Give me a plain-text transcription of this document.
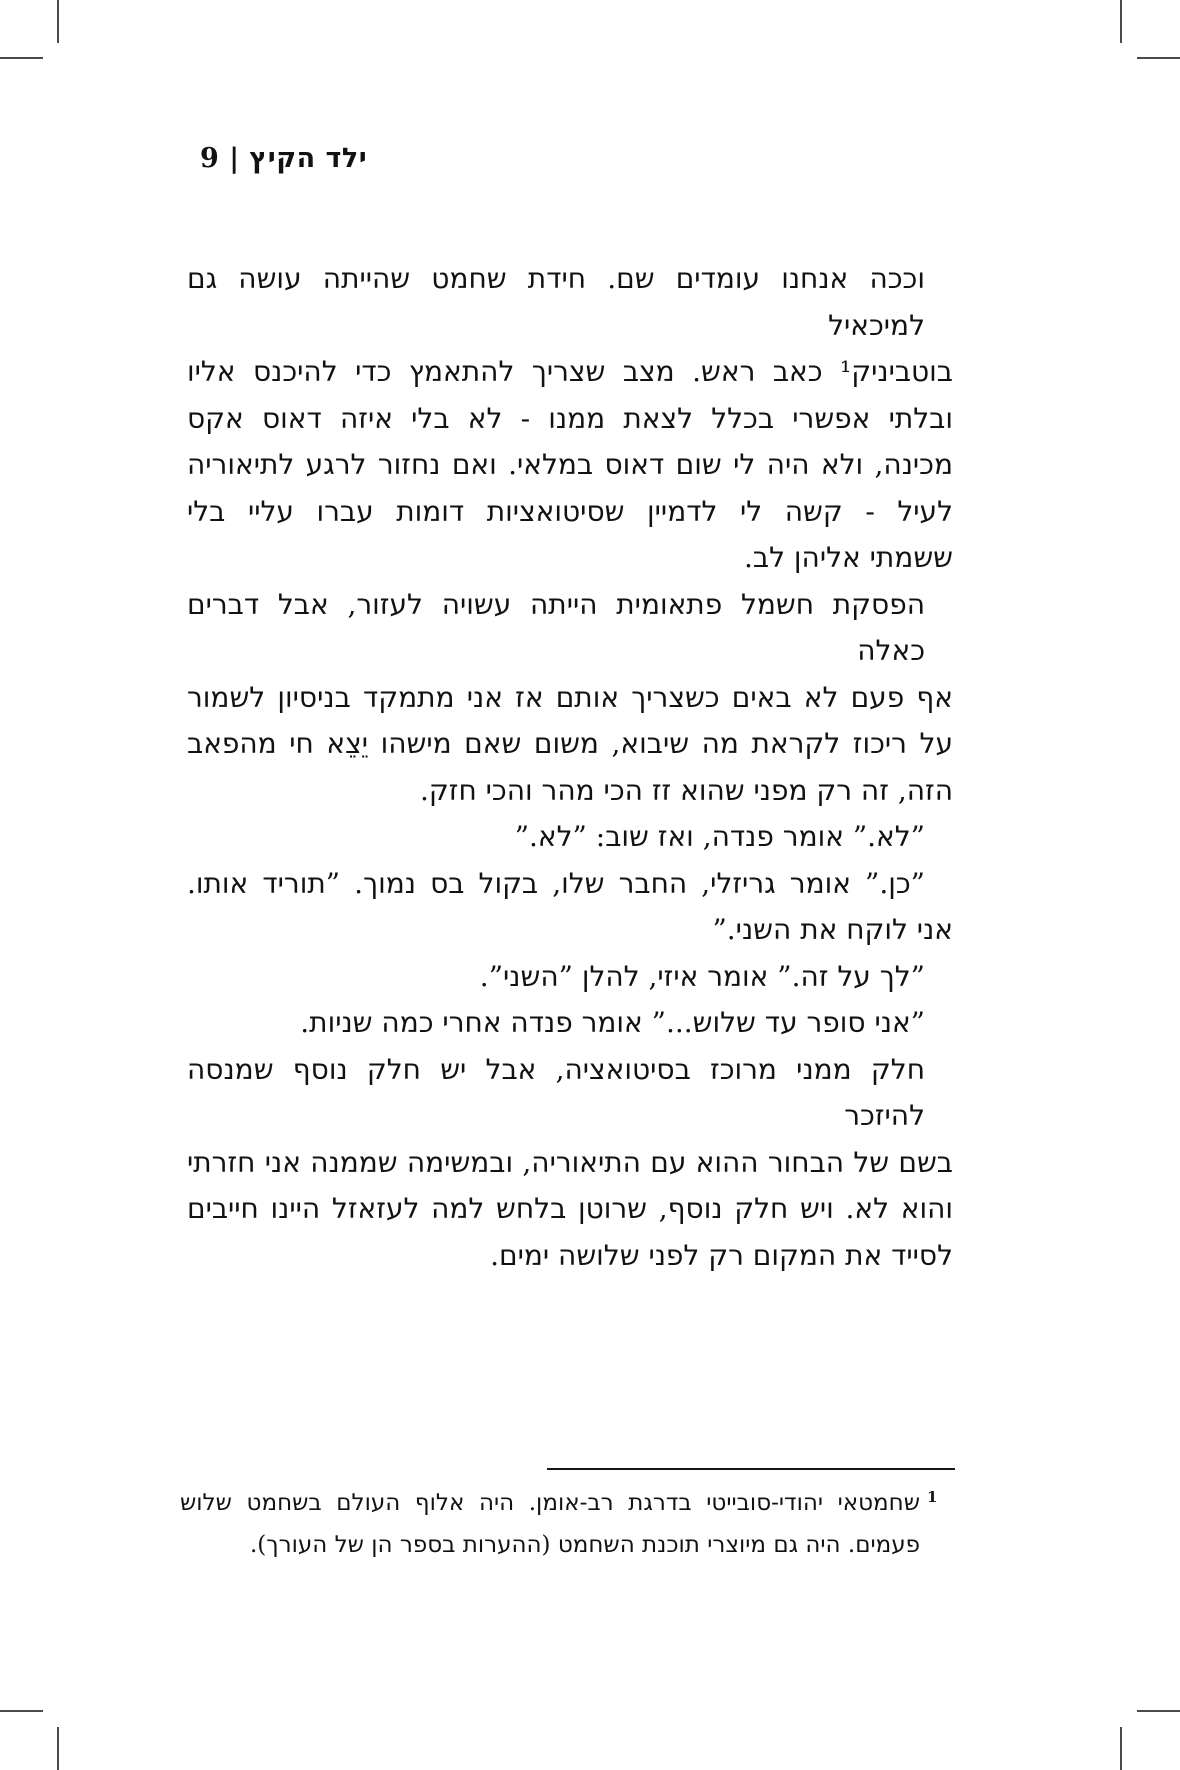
ילד הקיץ | 9
וככה אנחנו עומדים שם. חידת שחמט שהייתה עושה גם למיכאיל
בוטביניק¹ כאב ראש. מצב שצריך להתאמץ כדי להיכנס אליו
ובלתי אפשרי בכלל לצאת ממנו - לא בלי איזה דאוס אקס
מכינה, ולא היה לי שום דאוס במלאי. ואם נחזור לרגע לתיאוריה
לעיל - קשה לי לדמיין שסיטואציות דומות עברו עליי בלי
ששמתי אליהן לב.
הפסקת חשמל פתאומית הייתה עשויה לעזור, אבל דברים כאלה
אף פעם לא באים כשצריך אותם אז אני מתמקד בניסיון לשמור
על ריכוז לקראת מה שיבוא, משום שאם מישהו יֵצֵא חי מהפאב
הזה, זה רק מפני שהוא זז הכי מהר והכי חזק.
”לא.” אומר פנדה, ואז שוב: ”לא.”
”כן.” אומר גריזלי, החבר שלו, בקול בס נמוך. ”תוריד אותו.
אני לוקח את השני.”
”לך על זה.” אומר איזי, להלן ”השני”.
”אני סופר עד שלוש...” אומר פנדה אחרי כמה שניות.
חלק ממני מרוכז בסיטואציה, אבל יש חלק נוסף שמנסה להיזכר
בשם של הבחור ההוא עם התיאוריה, ובמשימה שממנה אני חזרתי
והוא לא. ויש חלק נוסף, שרוטן בלחש למה לעזאזל היינו חייבים
לסייד את המקום רק לפני שלושה ימים.
1
שחמטאי יהודי-סובייטי בדרגת רב-אומן. היה אלוף העולם בשחמט שלוש
פעמים. היה גם מיוצרי תוכנת השחמט (ההערות בספר הן של העורך).
